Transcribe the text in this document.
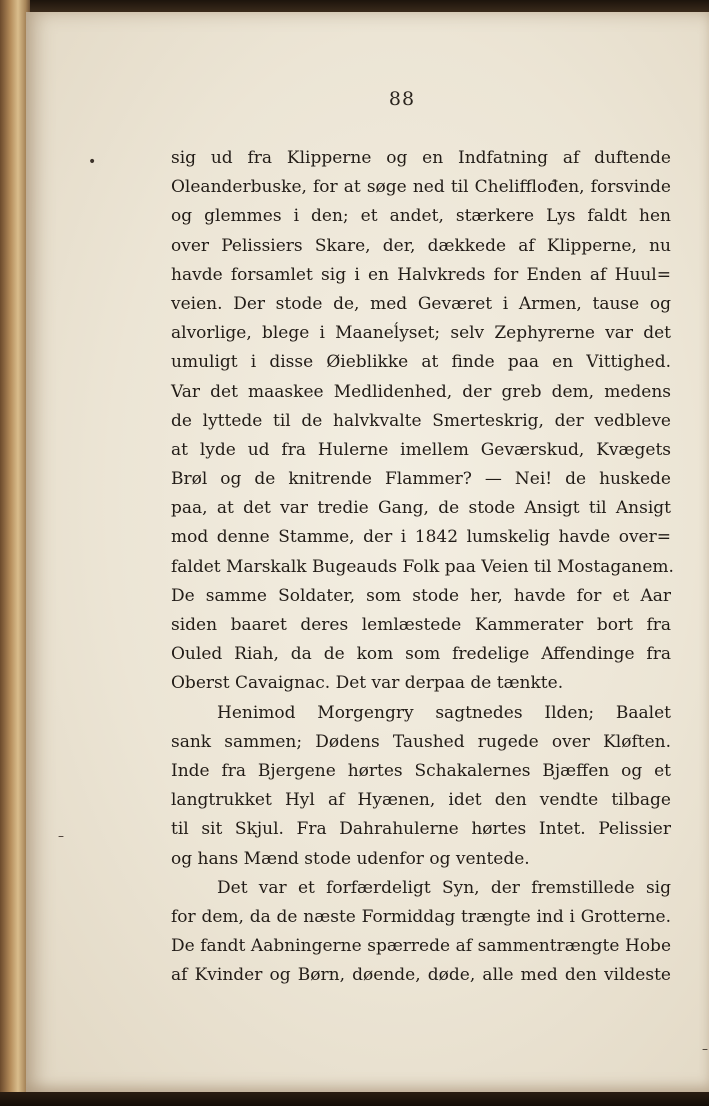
88
•
–
–
sig ud fra Klipperne og en Indfatning af duftende
Oleanderbuske, for at søge ned til Chelifflođen, forsvinde
og glemmes i den; et andet, stærkere Lys faldt hen
over Pelissiers Skare, der, dækkede af Klipperne, nu
havde forsamlet sig i en Halvkreds for Enden af Huul=
veien. Der stode de, med Geværet i Armen, tause og
alvorlige, blege i Maaneĺyset; selv Zephyrerne var det
umuligt i disse Øieblikke at finde paa en Vittighed.
Var det maaskee Medlidenhed, der greb dem, medens
de lyttede til de halvkvalte Smerteskrig, der vedbleve
at lyde ud fra Hulerne imellem Geværskud, Kvægets
Brøl og de knitrende Flammer? — Nei! de huskede
paa, at det var tredie Gang, de stode Ansigt til Ansigt
mod denne Stamme, der i 1842 lumskelig havde over=
faldet Marskalk Bugeauds Folk paa Veien til Mostaganem.
De samme Soldater, som stode her, havde for et Aar
siden baaret deres lemlæstede Kammerater bort fra
Ouled Riah, da de kom som fredelige Affendinge fra
Oberst Cavaignac. Det var derpaa de tænkte.
Henimod Morgengry sagtnedes Ilden; Baalet
sank sammen; Dødens Taushed rugede over Kløften.
Inde fra Bjergene hørtes Schakalernes Bjæffen og et
langtrukket Hyl af Hyænen, idet den vendte tilbage
til sit Skjul. Fra Dahrahulerne hørtes Intet. Pelissier
og hans Mænd stode udenfor og ventede.
Det var et forfærdeligt Syn, der fremstillede sig
for dem, da de næste Formiddag trængte ind i Grotterne.
De fandt Aabningerne spærrede af sammentrængte Hobe
af Kvinder og Børn, døende, døde, alle med den vildeste
